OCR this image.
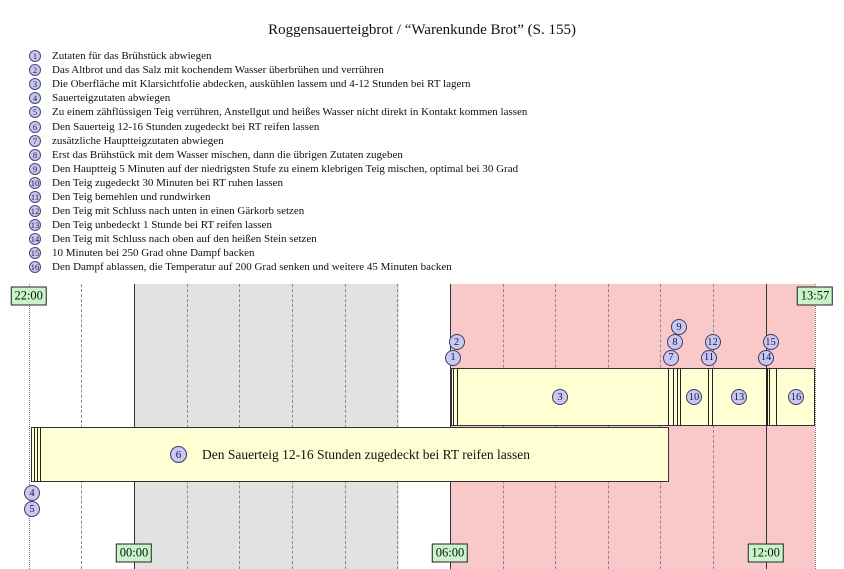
Roggensauerteigbrot / “Warenkunde Brot” (S. 155)
1	Zutaten für das Brühstück abwiegen
2	Das Altbrot und das Salz mit kochendem Wasser überbrühen und verrühren
3	Die Oberfläche mit Klarsichtfolie abdecken, auskühlen lassem und 4-12 Stunden bei RT lagern
4	Sauerteigzutaten abwiegen
5	Zu einem zähflüssigen Teig verrühren, Anstellgut und heißes Wasser nicht direkt in Kontakt kommen lassen
6	Den Sauerteig 12-16 Stunden zugedeckt bei RT reifen lassen
7	zusätzliche Hauptteigzutaten abwiegen
8	Erst das Brühstück mit dem Wasser mischen, dann die übrigen Zutaten zugeben
9	Den Hauptteig 5 Minuten auf der niedrigsten Stufe zu einem klebrigen Teig mischen, optimal bei 30 Grad
10 Den Teig zugedeckt 30 Minuten bei RT ruhen lassen
11 Den Teig bemehlen und rundwirken
12 Den Teig mit Schluss nach unten in einen Gärkorb setzen
13 Den Teig unbedeckt 1 Stunde bei RT reifen lassen
14 Den Teig mit Schluss nach oben auf den heißen Stein setzen
15 10 Minuten bei 250 Grad ohne Dampf backen
16 Den Dampf ablassen, die Temperatur auf 200 Grad senken und weitere 45 Minuten backen
6	Den Sauerteig 12-16 Stunden zugedeckt bei RT reifen lassen
1
2
4
5
7
8
9
11
12
14
15
3	10	13	16
22:00	13:57
00:00	06:00	12:00
